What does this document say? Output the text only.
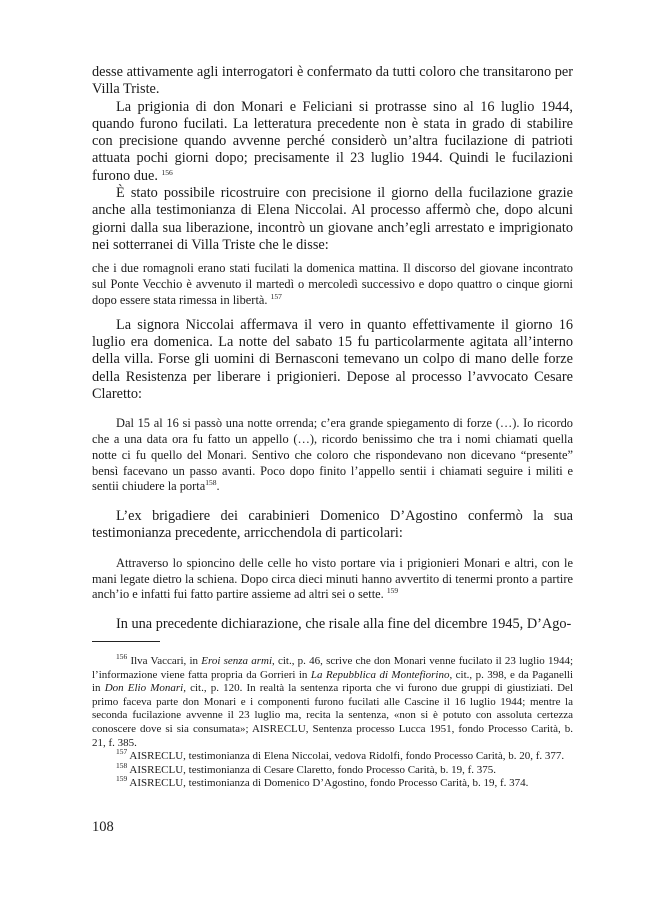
desse attivamente agli interrogatori è confermato da tutti coloro che transitarono per Villa Triste.

La prigionia di don Monari e Feliciani si protrasse sino al 16 luglio 1944, quando furono fucilati. La letteratura precedente non è stata in grado di stabilire con precisione quando avvenne perché considerò un’altra fucilazione di patrioti attuata pochi giorni dopo; precisamente il 23 luglio 1944. Quindi le fucilazioni furono due. $^{156}$

È stato possibile ricostruire con precisione il giorno della fucilazione grazie anche alla testimonianza di Elena Niccolai. Al processo affermò che, dopo alcuni giorni dalla sua liberazione, incontrò un giovane anch’egli arrestato e imprigionato nei sotterranei di Villa Triste che le disse:

che i due romagnoli erano stati fucilati la domenica mattina. Il discorso del giovane incontrato sul Ponte Vecchio è avvenuto il martedì o mercoledì successivo e dopo quattro o cinque giorni dopo essere stata rimessa in libertà. $^{157}$

La signora Niccolai affermava il vero in quanto effettivamente il giorno 16 luglio era domenica. La notte del sabato 15 fu particolarmente agitata all’interno della villa. Forse gli uomini di Bernasconi temevano un colpo di mano delle forze della Resistenza per liberare i prigionieri. Depose al processo l’avvocato Cesare Claretto:

Dal 15 al 16 si passò una notte orrenda; c’era grande spiegamento di forze (…). Io ricordo che a una data ora fu fatto un appello (…), ricordo benissimo che tra i nomi chiamati quella notte ci fu quello del Monari. Sentivo che coloro che rispondevano non dicevano “presente” bensì facevano un passo avanti. Poco dopo finito l’appello sentii i chiamati seguire i militi e sentii chiudere la porta$^{158}$.

L’ex brigadiere dei carabinieri Domenico D’Agostino confermò la sua testimonianza precedente, arricchendola di particolari:

Attraverso lo spioncino delle celle ho visto portare via i prigionieri Monari e altri, con le mani legate dietro la schiena. Dopo circa dieci minuti hanno avvertito di tenermi pronto a partire anch’io e infatti fui fatto partire assieme ad altri sei o sette. $^{159}$

In una precedente dichiarazione, che risale alla fine del dicembre 1945, D’Ago-

$^{156}$ Ilva Vaccari, in Eroi senza armi, cit., p. 46, scrive che don Monari venne fucilato il 23 luglio 1944; l’informazione viene fatta propria da Gorrieri in La Repubblica di Montefiorino, cit., p. 398, e da Paganelli in Don Elio Monari, cit., p. 120. In realtà la sentenza riporta che vi furono due gruppi di giustiziati. Del primo faceva parte don Monari e i componenti furono fucilati alle Cascine il 16 luglio 1944; mentre la seconda fucilazione avvenne il 23 luglio ma, recita la sentenza, «non si è potuto con assoluta certezza conoscere dove si sia consumata»; AISRECLU, Sentenza processo Lucca 1951, fondo Processo Carità, b. 21, f. 385.

$^{157}$ AISRECLU, testimonianza di Elena Niccolai, vedova Ridolfi, fondo Processo Carità, b. 20, f. 377.

$^{158}$ AISRECLU, testimonianza di Cesare Claretto, fondo Processo Carità, b. 19, f. 375.

$^{159}$ AISRECLU, testimonianza di Domenico D’Agostino, fondo Processo Carità, b. 19, f. 374.

108
